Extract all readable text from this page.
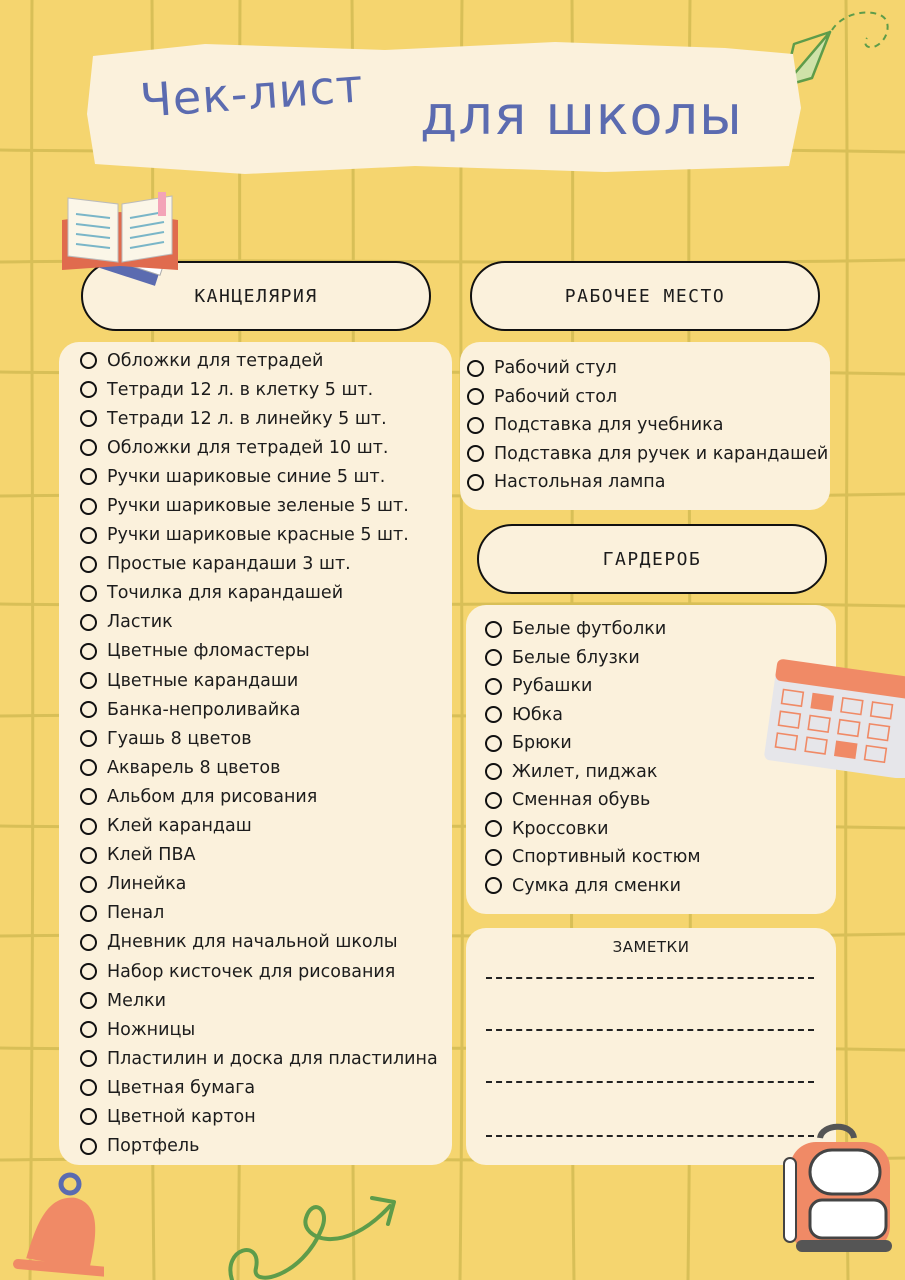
Чек-лист для школы
КАНЦЕЛЯРИЯ
Обложки для тетрадей
Тетради 12 л. в клетку 5 шт.
Тетради 12 л. в линейку 5 шт.
Обложки для тетрадей 10 шт.
Ручки шариковые синие 5 шт.
Ручки шариковые зеленые 5 шт.
Ручки шариковые красные 5 шт.
Простые карандаши 3 шт.
Точилка для карандашей
Ластик
Цветные фломастеры
Цветные карандаши
Банка-непроливайка
Гуашь 8 цветов
Акварель 8 цветов
Альбом для рисования
Клей карандаш
Клей ПВА
Линейка
Пенал
Дневник для начальной школы
Набор кисточек для рисования
Мелки
Ножницы
Пластилин и доска для пластилина
Цветная бумага
Цветной картон
Портфель
РАБОЧЕЕ МЕСТО
Рабочий стул
Рабочий стол
Подставка для учебника
Подставка для ручек и карандашей
Настольная лампа
ГАРДЕРОБ
Белые футболки
Белые блузки
Рубашки
Юбка
Брюки
Жилет, пиджак
Сменная обувь
Кроссовки
Спортивный костюм
Сумка для сменки
ЗАМЕТКИ
